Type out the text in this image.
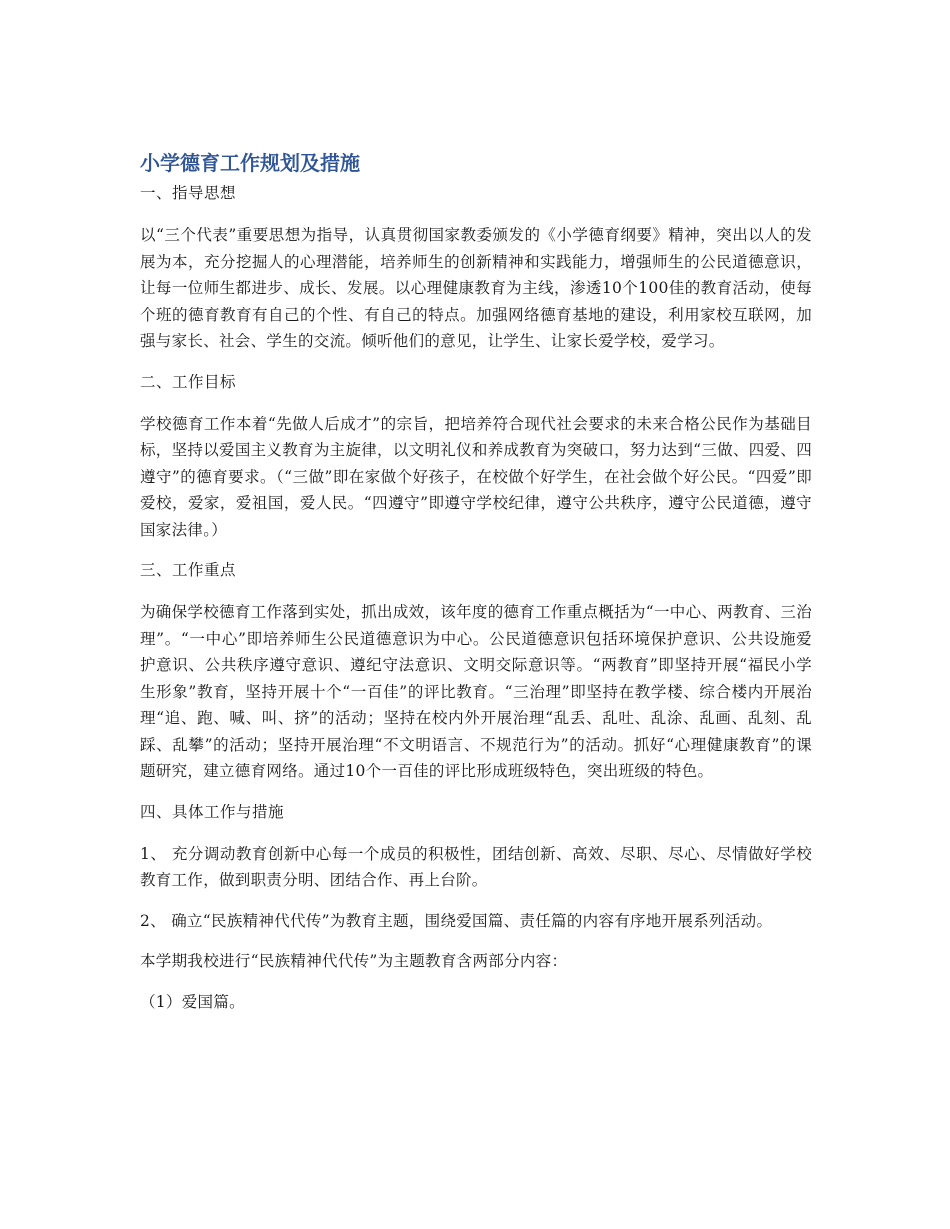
小学德育工作规划及措施

一、指导思想

以“三个代表”重要思想为指导，认真贯彻国家教委颁发的《小学德育纲要》精神，突出以人的发展为本，充分挖掘人的心理潜能，培养师生的创新精神和实践能力，增强师生的公民道德意识，让每一位师生都进步、成长、发展。以心理健康教育为主线，渗透10个100佳的教育活动，使每个班的德育教育有自己的个性、有自己的特点。加强网络德育基地的建设，利用家校互联网，加强与家长、社会、学生的交流。倾听他们的意见，让学生、让家长爱学校，爱学习。

二、工作目标

学校德育工作本着“先做人后成才”的宗旨，把培养符合现代社会要求的未来合格公民作为基础目标，坚持以爱国主义教育为主旋律，以文明礼仪和养成教育为突破口，努力达到“三做、四爱、四遵守”的德育要求。（“三做”即在家做个好孩子，在校做个好学生，在社会做个好公民。“四爱”即爱校，爱家，爱祖国，爱人民。“四遵守”即遵守学校纪律，遵守公共秩序，遵守公民道德，遵守国家法律。）

三、工作重点

为确保学校德育工作落到实处，抓出成效，该年度的德育工作重点概括为“一中心、两教育、三治理”。“一中心”即培养师生公民道德意识为中心。公民道德意识包括环境保护意识、公共设施爱护意识、公共秩序遵守意识、遵纪守法意识、文明交际意识等。“两教育”即坚持开展“福民小学生形象”教育，坚持开展十个“一百佳”的评比教育。“三治理”即坚持在教学楼、综合楼内开展治理“追、跑、喊、叫、挤”的活动；坚持在校内外开展治理“乱丢、乱吐、乱涂、乱画、乱刻、乱踩、乱攀”的活动；坚持开展治理“不文明语言、不规范行为”的活动。抓好“心理健康教育”的课题研究，建立德育网络。通过10个一百佳的评比形成班级特色，突出班级的特色。

四、具体工作与措施

1、 充分调动教育创新中心每一个成员的积极性，团结创新、高效、尽职、尽心、尽情做好学校教育工作，做到职责分明、团结合作、再上台阶。

2、 确立“民族精神代代传”为教育主题，围绕爱国篇、责任篇的内容有序地开展系列活动。

本学期我校进行“民族精神代代传”为主题教育含两部分内容：

（1）爱国篇。
